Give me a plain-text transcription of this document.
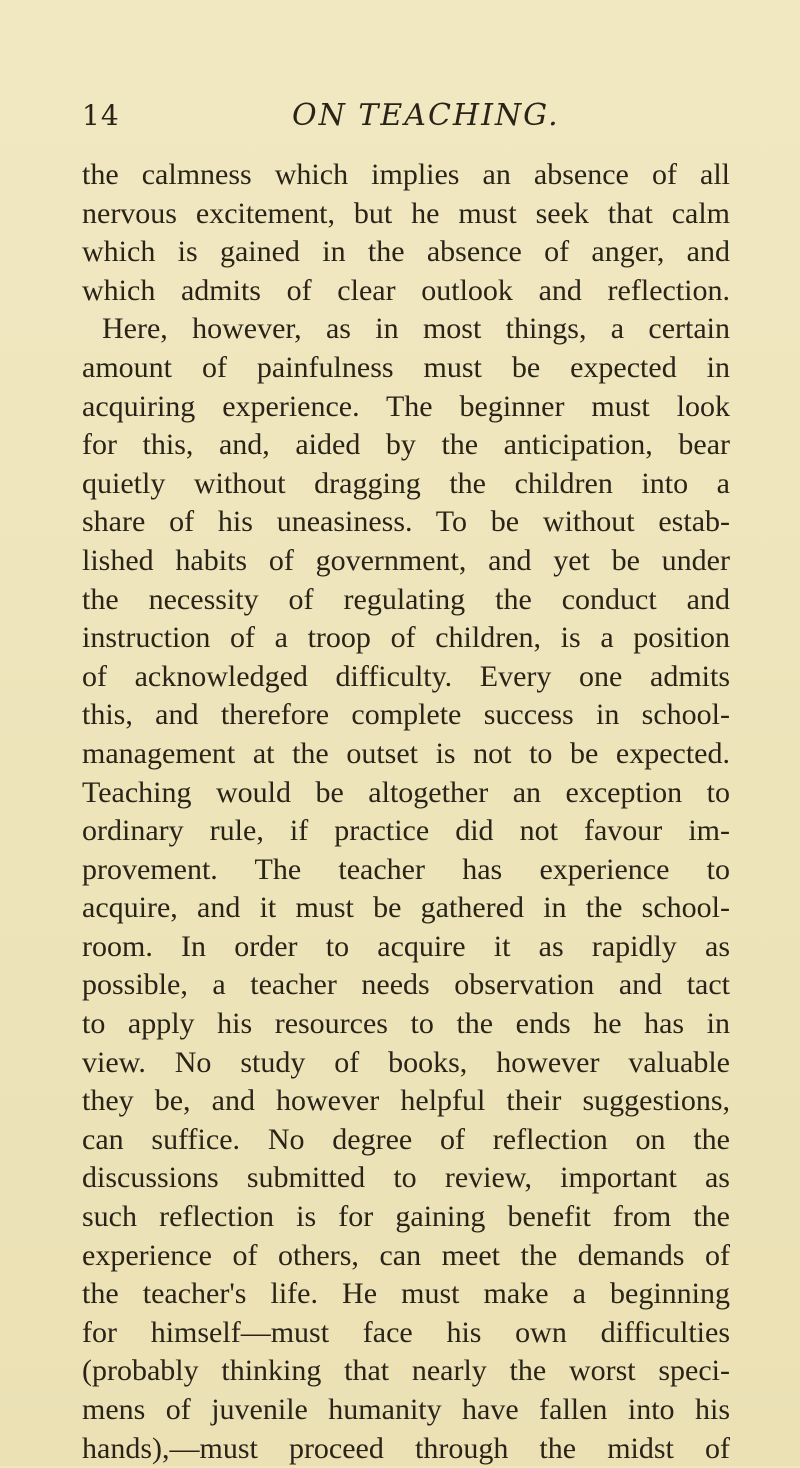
14	ON TEACHING.
the calmness which implies an absence of all
nervous excitement, but he must seek that calm
which is gained in the absence of anger, and
which admits of clear outlook and reflection.
Here, however, as in most things, a certain
amount of painfulness must be expected in
acquiring experience. The beginner must look
for this, and, aided by the anticipation, bear
quietly without dragging the children into a
share of his uneasiness. To be without estab-
lished habits of government, and yet be under
the necessity of regulating the conduct and
instruction of a troop of children, is a position
of acknowledged difficulty. Every one admits
this, and therefore complete success in school-
management at the outset is not to be expected.
Teaching would be altogether an exception to
ordinary rule, if practice did not favour im-
provement. The teacher has experience to
acquire, and it must be gathered in the school-
room. In order to acquire it as rapidly as
possible, a teacher needs observation and tact
to apply his resources to the ends he has in
view. No study of books, however valuable
they be, and however helpful their suggestions,
can suffice. No degree of reflection on the
discussions submitted to review, important as
such reflection is for gaining benefit from the
experience of others, can meet the demands of
the teacher's life. He must make a beginning
for himself—must face his own difficulties
(probably thinking that nearly the worst speci-
mens of juvenile humanity have fallen into his
hands),—must proceed through the midst of
